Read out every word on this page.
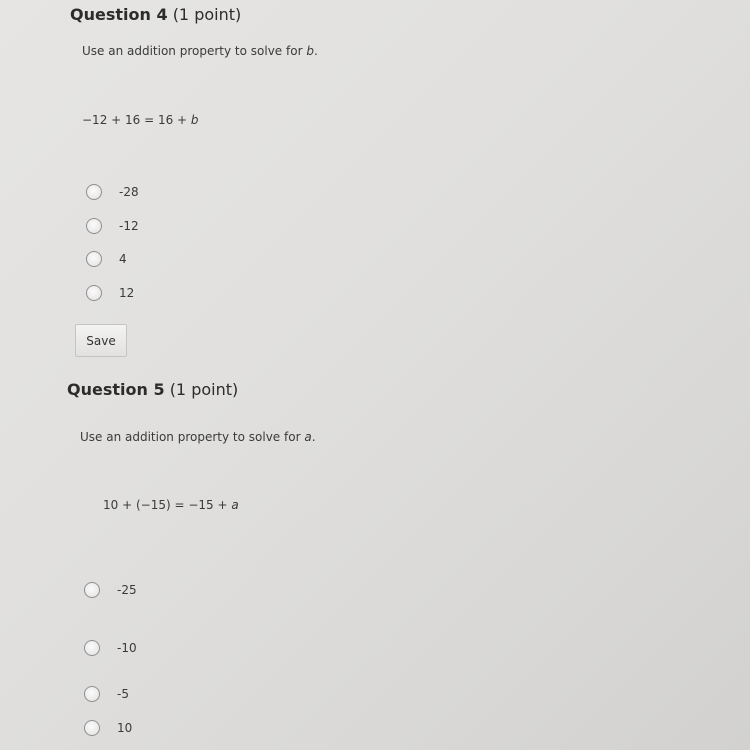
Question 4 (1 point)
Use an addition property to solve for b.
−12 + 16 = 16 + b
-28
-12
4
12
Save
Question 5 (1 point)
Use an addition property to solve for a.
10 + (−15) = −15 + a
-25
-10
-5
10
